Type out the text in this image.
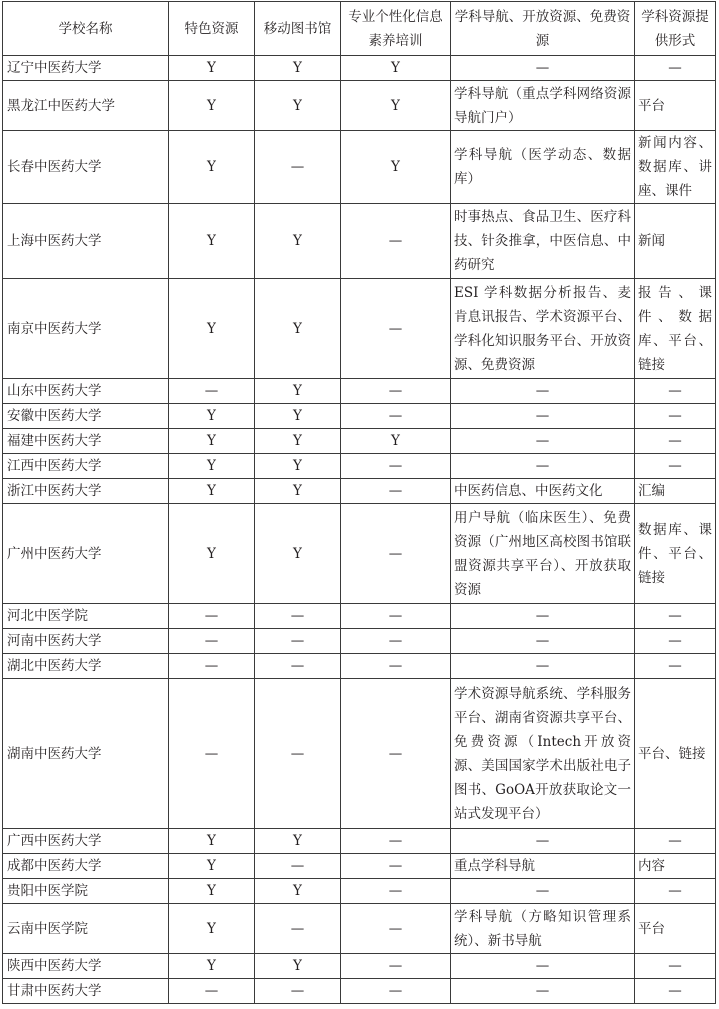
学校名称	特色资源	移动图书馆	专业个性化信息素养培训	学科导航、开放资源、免费资源	学科资源提供形式
辽宁中医药大学	Y	Y	Y	—	—
黑龙江中医药大学	Y	Y	Y	学科导航（重点学科网络资源导航门户）	平台
长春中医药大学	Y	—	Y	学科导航（医学动态、数据库）	新闻内容、数据库、讲座、课件
上海中医药大学	Y	Y	—	时事热点、食品卫生、医疗科技、针灸推拿，中医信息、中药研究	新闻
南京中医药大学	Y	Y	—	ESI 学科数据分析报告、麦肯息讯报告、学术资源平台、学科化知识服务平台、开放资源、免费资源	报告、课件、数据库、平台、链接
山东中医药大学	—	Y	—	—	—
安徽中医药大学	Y	Y	—	—	—
福建中医药大学	Y	Y	Y	—	—
江西中医药大学	Y	Y	—	—	—
浙江中医药大学	Y	Y	—	中医药信息、中医药文化	汇编
广州中医药大学	Y	Y	—	用户导航（临床医生）、免费资源（广州地区高校图书馆联盟资源共享平台）、开放获取资源	数据库、课件、平台、链接
河北中医学院	—	—	—	—	—
河南中医药大学	—	—	—	—	—
湖北中医药大学	—	—	—	—	—
湖南中医药大学	—	—	—	学术资源导航系统、学科服务平台、湖南省资源共享平台、免费资源（Intech开放资源、美国国家学术出版社电子图书、GoOA开放获取论文一站式发现平台）	平台、链接
广西中医药大学	Y	Y	—	—	—
成都中医药大学	Y	—	—	重点学科导航	内容
贵阳中医学院	Y	Y	—	—	—
云南中医学院	Y	—	—	学科导航（方略知识管理系统）、新书导航	平台
陕西中医药大学	Y	Y	—	—	—
甘肃中医药大学	—	—	—	—	—
